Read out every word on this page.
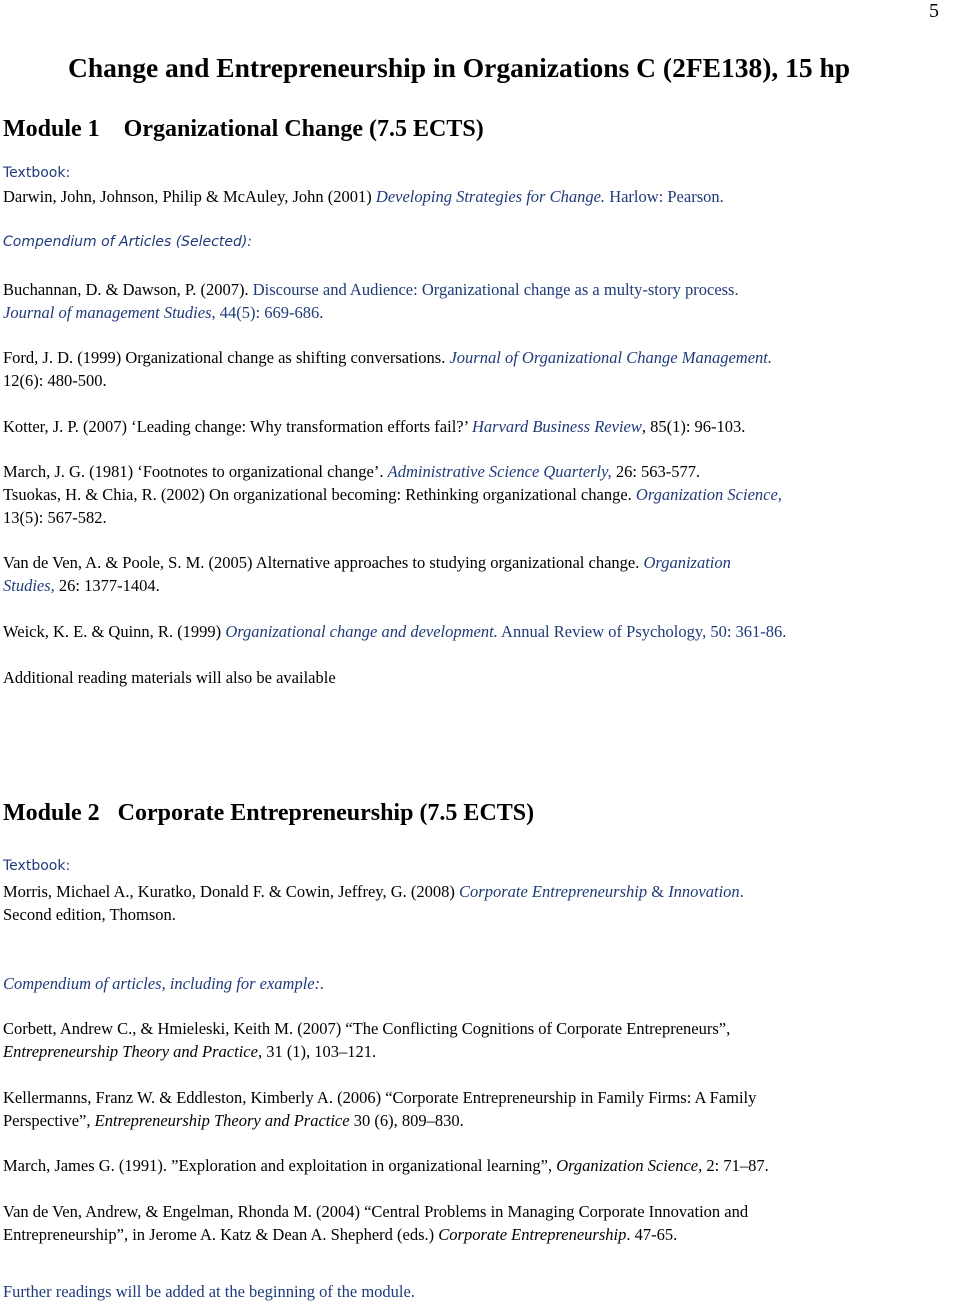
5
Change and Entrepreneurship in Organizations C (2FE138), 15 hp
Module 1    Organizational Change (7.5 ECTS)
Textbook:
Darwin, John, Johnson, Philip & McAuley, John (2001) Developing Strategies for Change. Harlow: Pearson.
Compendium of Articles (Selected):
Buchannan, D. & Dawson, P. (2007). Discourse and Audience: Organizational change as a multy-story process.
Journal of management Studies, 44(5): 669-686.
Ford, J. D. (1999) Organizational change as shifting conversations. Journal of Organizational Change Management.
12(6): 480-500.
Kotter, J. P. (2007) ‘Leading change: Why transformation efforts fail?’ Harvard Business Review, 85(1): 96-103.
March, J. G. (1981) ‘Footnotes to organizational change’. Administrative Science Quarterly, 26: 563-577.
Tsuokas, H. & Chia, R. (2002) On organizational becoming: Rethinking organizational change. Organization Science,
13(5): 567-582.
Van de Ven, A. & Poole, S. M. (2005) Alternative approaches to studying organizational change. Organization
Studies, 26: 1377-1404.
Weick, K. E. & Quinn, R. (1999) Organizational change and development. Annual Review of Psychology, 50: 361-86.
Additional reading materials will also be available
Module 2   Corporate Entrepreneurship (7.5 ECTS)
Textbook:
Morris, Michael A., Kuratko, Donald F. & Cowin, Jeffrey, G. (2008) Corporate Entrepreneurship & Innovation.
Second edition, Thomson.
Compendium of articles, including for example:.
Corbett, Andrew C., & Hmieleski, Keith M. (2007) “The Conflicting Cognitions of Corporate Entrepreneurs”,
Entrepreneurship Theory and Practice, 31 (1), 103–121.
Kellermanns, Franz W. & Eddleston, Kimberly A. (2006) “Corporate Entrepreneurship in Family Firms: A Family
Perspective”, Entrepreneurship Theory and Practice 30 (6), 809–830.
March, James G. (1991). ”Exploration and exploitation in organizational learning”, Organization Science, 2: 71–87.
Van de Ven, Andrew, & Engelman, Rhonda M. (2004) “Central Problems in Managing Corporate Innovation and
Entrepreneurship”, in Jerome A. Katz & Dean A. Shepherd (eds.) Corporate Entrepreneurship. 47-65.
Further readings will be added at the beginning of the module.
